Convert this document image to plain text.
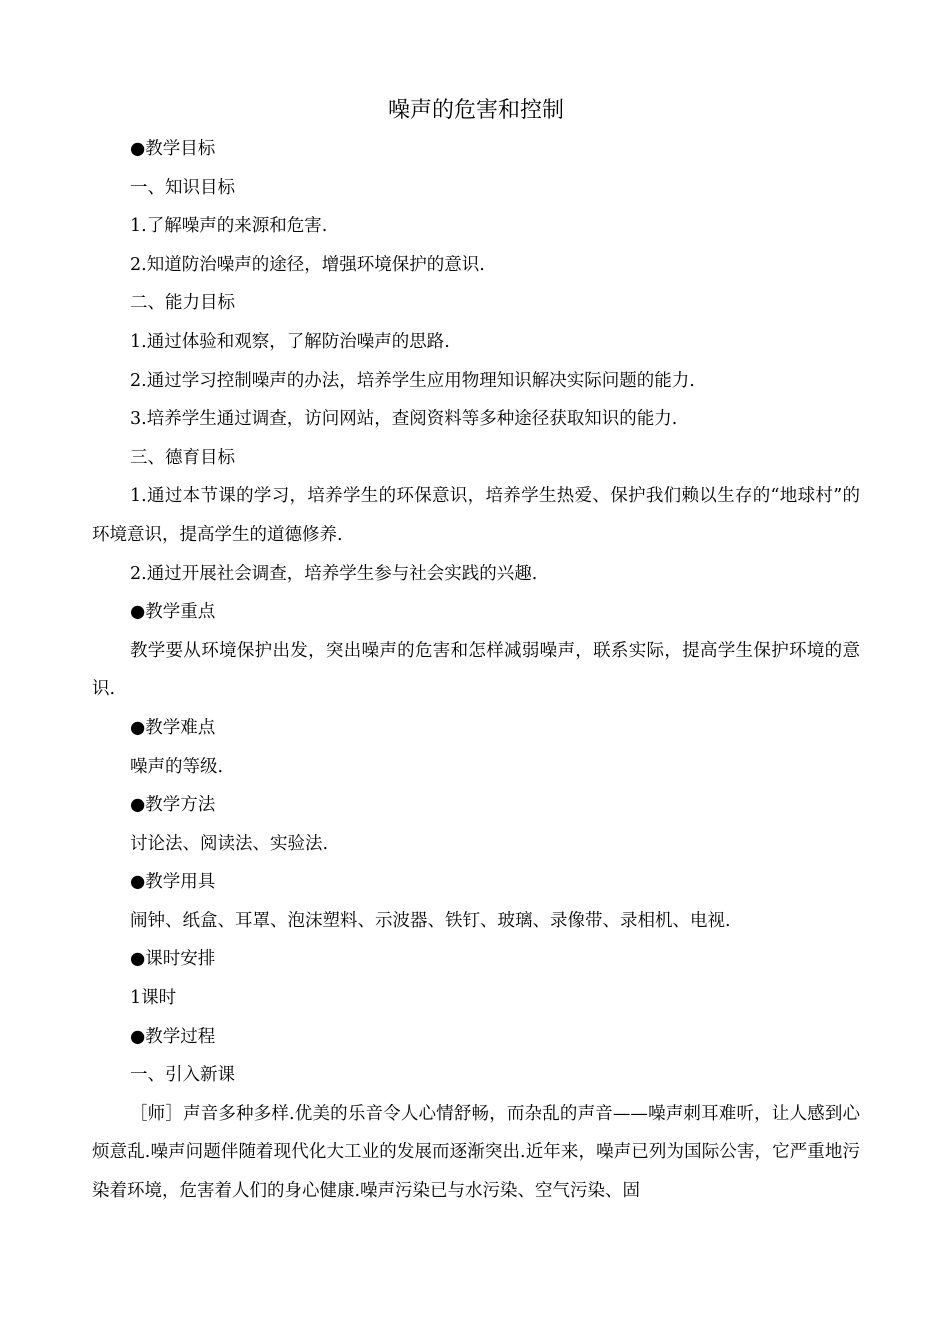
噪声的危害和控制

●教学目标

一、知识目标

1.了解噪声的来源和危害.

2.知道防治噪声的途径，增强环境保护的意识.

二、能力目标

1.通过体验和观察，了解防治噪声的思路.

2.通过学习控制噪声的办法，培养学生应用物理知识解决实际问题的能力.

3.培养学生通过调查，访问网站，查阅资料等多种途径获取知识的能力.

三、德育目标

1.通过本节课的学习，培养学生的环保意识，培养学生热爱、保护我们赖以生存的“地球村”的环境意识，提高学生的道德修养.

2.通过开展社会调查，培养学生参与社会实践的兴趣.

●教学重点

教学要从环境保护出发，突出噪声的危害和怎样减弱噪声，联系实际，提高学生保护环境的意识.

●教学难点

噪声的等级.

●教学方法

讨论法、阅读法、实验法.

●教学用具

闹钟、纸盒、耳罩、泡沫塑料、示波器、铁钉、玻璃、录像带、录相机、电视.

●课时安排

1课时

●教学过程

一、引入新课

［师］声音多种多样.优美的乐音令人心情舒畅，而杂乱的声音——噪声刺耳难听，让人感到心烦意乱.噪声问题伴随着现代化大工业的发展而逐渐突出.近年来，噪声已列为国际公害，它严重地污染着环境，危害着人们的身心健康.噪声污染已与水污染、空气污染、固
